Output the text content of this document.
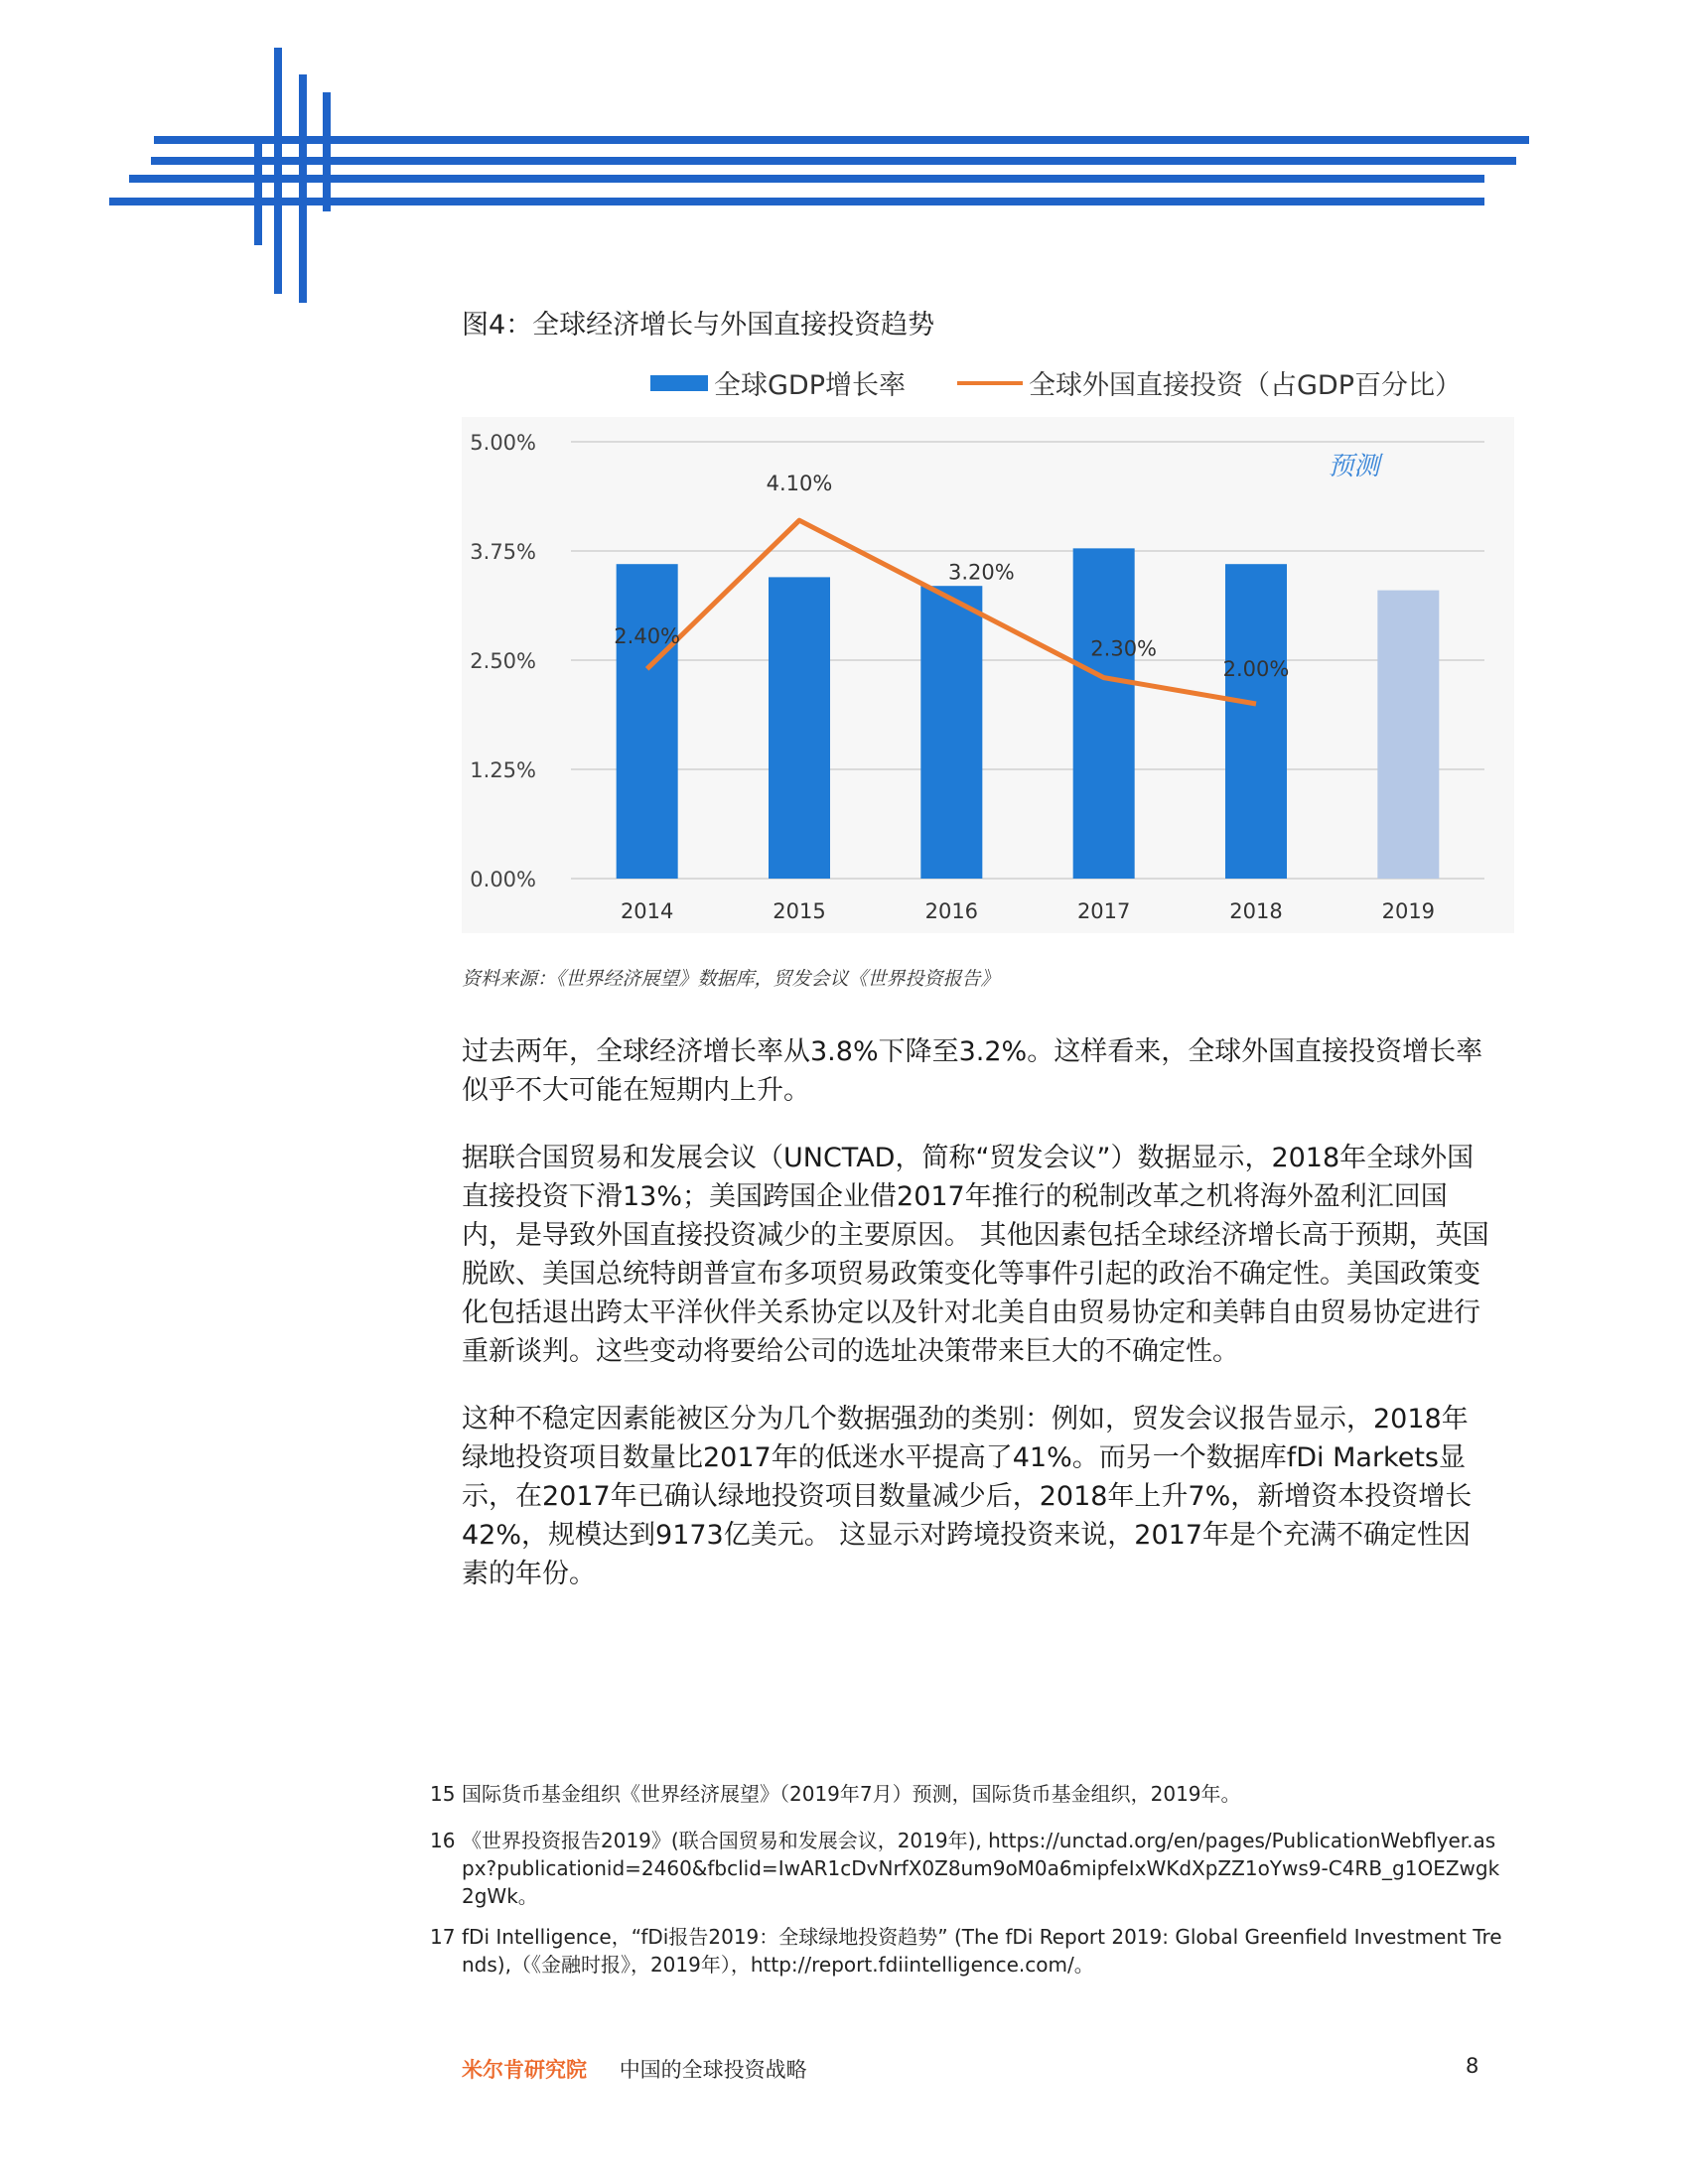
图4：全球经济增长与外国直接投资趋势
全球GDP增长率	全球外国直接投资（占GDP百分比）
0.00%
1.25%
2.50%
3.75%
5.00%
2014	2015	2016	2017	2018	2019
2.40%
4.10%
3.20%
2.30%
2.00%
预测
资料来源：《世界经济展望》数据库，贸发会议《世界投资报告》

过去两年，全球经济增长率从3.8%下降至3.2%。这样看来，全球外国直接投资增长率似乎不大可能在短期内上升。

据联合国贸易和发展会议（UNCTAD，简称“贸发会议”）数据显示，2018年全球外国直接投资下滑13%；美国跨国企业借2017年推行的税制改革之机将海外盈利汇回国内，是导致外国直接投资减少的主要原因。 其他因素包括全球经济增长高于预期，英国脱欧、美国总统特朗普宣布多项贸易政策变化等事件引起的政治不确定性。美国政策变化包括退出跨太平洋伙伴关系协定以及针对北美自由贸易协定和美韩自由贸易协定进行重新谈判。这些变动将要给公司的选址决策带来巨大的不确定性。

这种不稳定因素能被区分为几个数据强劲的类别：例如，贸发会议报告显示，2018年绿地投资项目数量比2017年的低迷水平提高了41%。而另一个数据库fDi Markets显示，在2017年已确认绿地投资项目数量减少后，2018年上升7%，新增资本投资增长42%，规模达到9173亿美元。 这显示对跨境投资来说，2017年是个充满不确定性因素的年份。

15 国际货币基金组织《世界经济展望》（2019年7月）预测，国际货币基金组织，2019年。
16 《世界投资报告2019》(联合国贸易和发展会议，2019年), https://unctad.org/en/pages/PublicationWebflyer.aspx?publicationid=2460&fbclid=IwAR1cDvNrfX0Z8um9oM0a6mipfeIxWKdXpZZ1oYws9-C4RB_g1OEZwgk2gWk。
17 fDi Intelligence，“fDi报告2019：全球绿地投资趋势” (The fDi Report 2019: Global Greenfield Investment Trends),（《金融时报》，2019年），http://report.fdiintelligence.com/。
米尔肯研究院 中国的全球投资战略	8
